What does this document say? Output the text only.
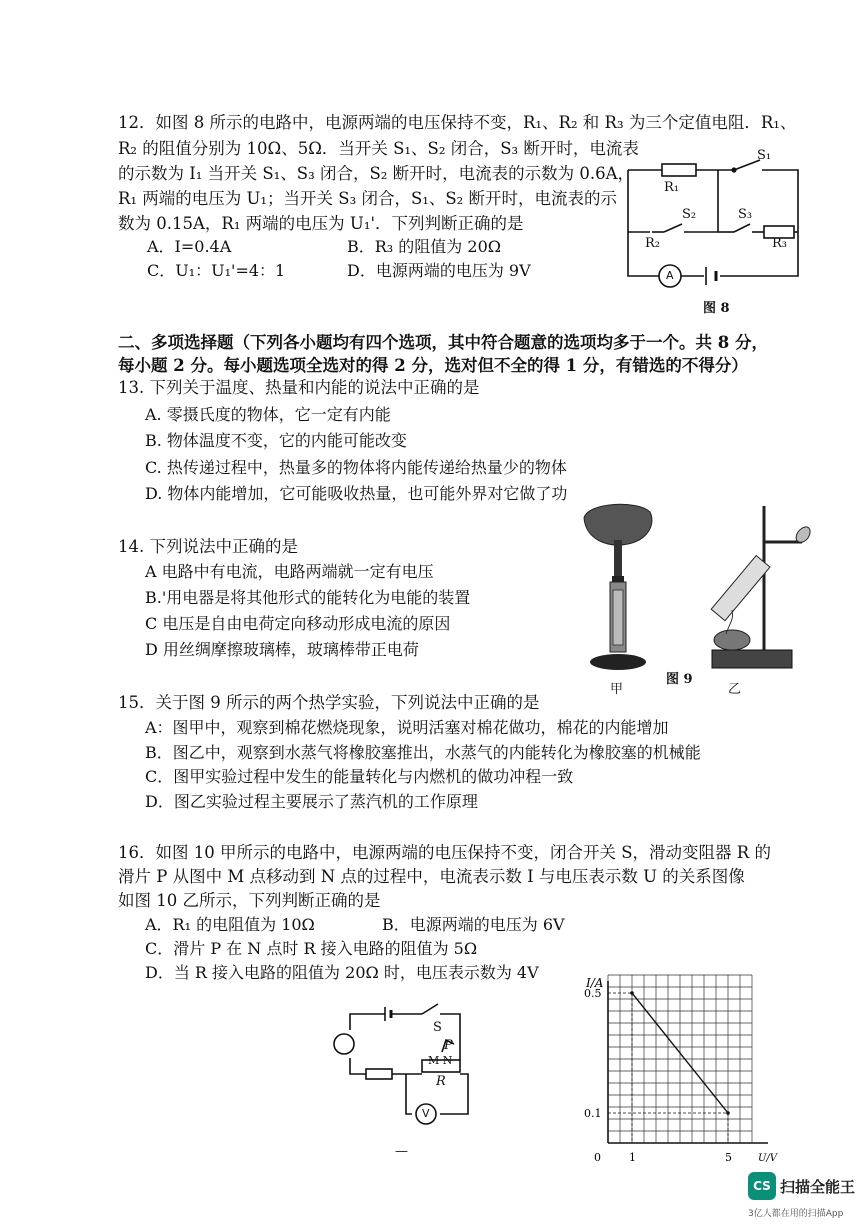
12．如图 8 所示的电路中，电源两端的电压保持不变，R₁、R₂ 和 R₃ 为三个定值电阻．R₁、
R₂ 的阻值分别为 10Ω、5Ω．当开关 S₁、S₂ 闭合，S₃ 断开时，电流表
的示数为 I₁ 当开关 S₁、S₃ 闭合，S₂ 断开时，电流表的示数为 0.6A，
R₁ 两端的电压为 U₁；当开关 S₃ 闭合，S₁、S₂ 断开时，电流表的示
数为 0.15A，R₁ 两端的电压为 U₁'．下列判断正确的是
A．I=0.4A	B．R₃ 的阻值为 20Ω
C．U₁：U₁'=4：1	D．电源两端的电压为 9V
R₁
S₁
S₂	S₃
R₂	R₃
A
图 8
二、多项选择题（下列各小题均有四个选项，其中符合题意的选项均多于一个。共 8 分，
每小题 2 分。每小题选项全选对的得 2 分，选对但不全的得 1 分，有错选的不得分）
13. 下列关于温度、热量和内能的说法中正确的是
A. 零摄氏度的物体，它一定有内能
B. 物体温度不变，它的内能可能改变
C. 热传递过程中，热量多的物体将内能传递给热量少的物体
D. 物体内能增加，它可能吸收热量，也可能外界对它做了功
14. 下列说法中正确的是
A 电路中有电流，电路两端就一定有电压
B.'用电器是将其他形式的能转化为电能的装置
C 电压是自由电荷定向移动形成电流的原因
D 用丝绸摩擦玻璃棒，玻璃棒带正电荷
甲
图 9
乙
15．关于图 9 所示的两个热学实验，下列说法中正确的是
A：图甲中，观察到棉花燃烧现象，说明活塞对棉花做功，棉花的内能增加
B．图乙中，观察到水蒸气将橡胶塞推出，水蒸气的内能转化为橡胶塞的机械能
C．图甲实验过程中发生的能量转化与内燃机的做功冲程一致
D．图乙实验过程主要展示了蒸汽机的工作原理
16．如图 10 甲所示的电路中，电源两端的电压保持不变，闭合开关 S，滑动变阻器 R 的
滑片 P 从图中 M 点移动到 N 点的过程中，电流表示数 I 与电压表示数 U 的关系图像
如图 10 乙所示，下列判断正确的是
A．R₁ 的电阻值为 10Ω	B．电源两端的电压为 6V
C．滑片 P 在 N 点时 R 接入电路的阻值为 5Ω
D．当 R 接入电路的阻值为 20Ω 时，电压表示数为 4V
S
P
M N
R
V
—
I/A
U/V
0.5
0.1
0	1	5
CS 扫描全能王
3亿人都在用的扫描App
